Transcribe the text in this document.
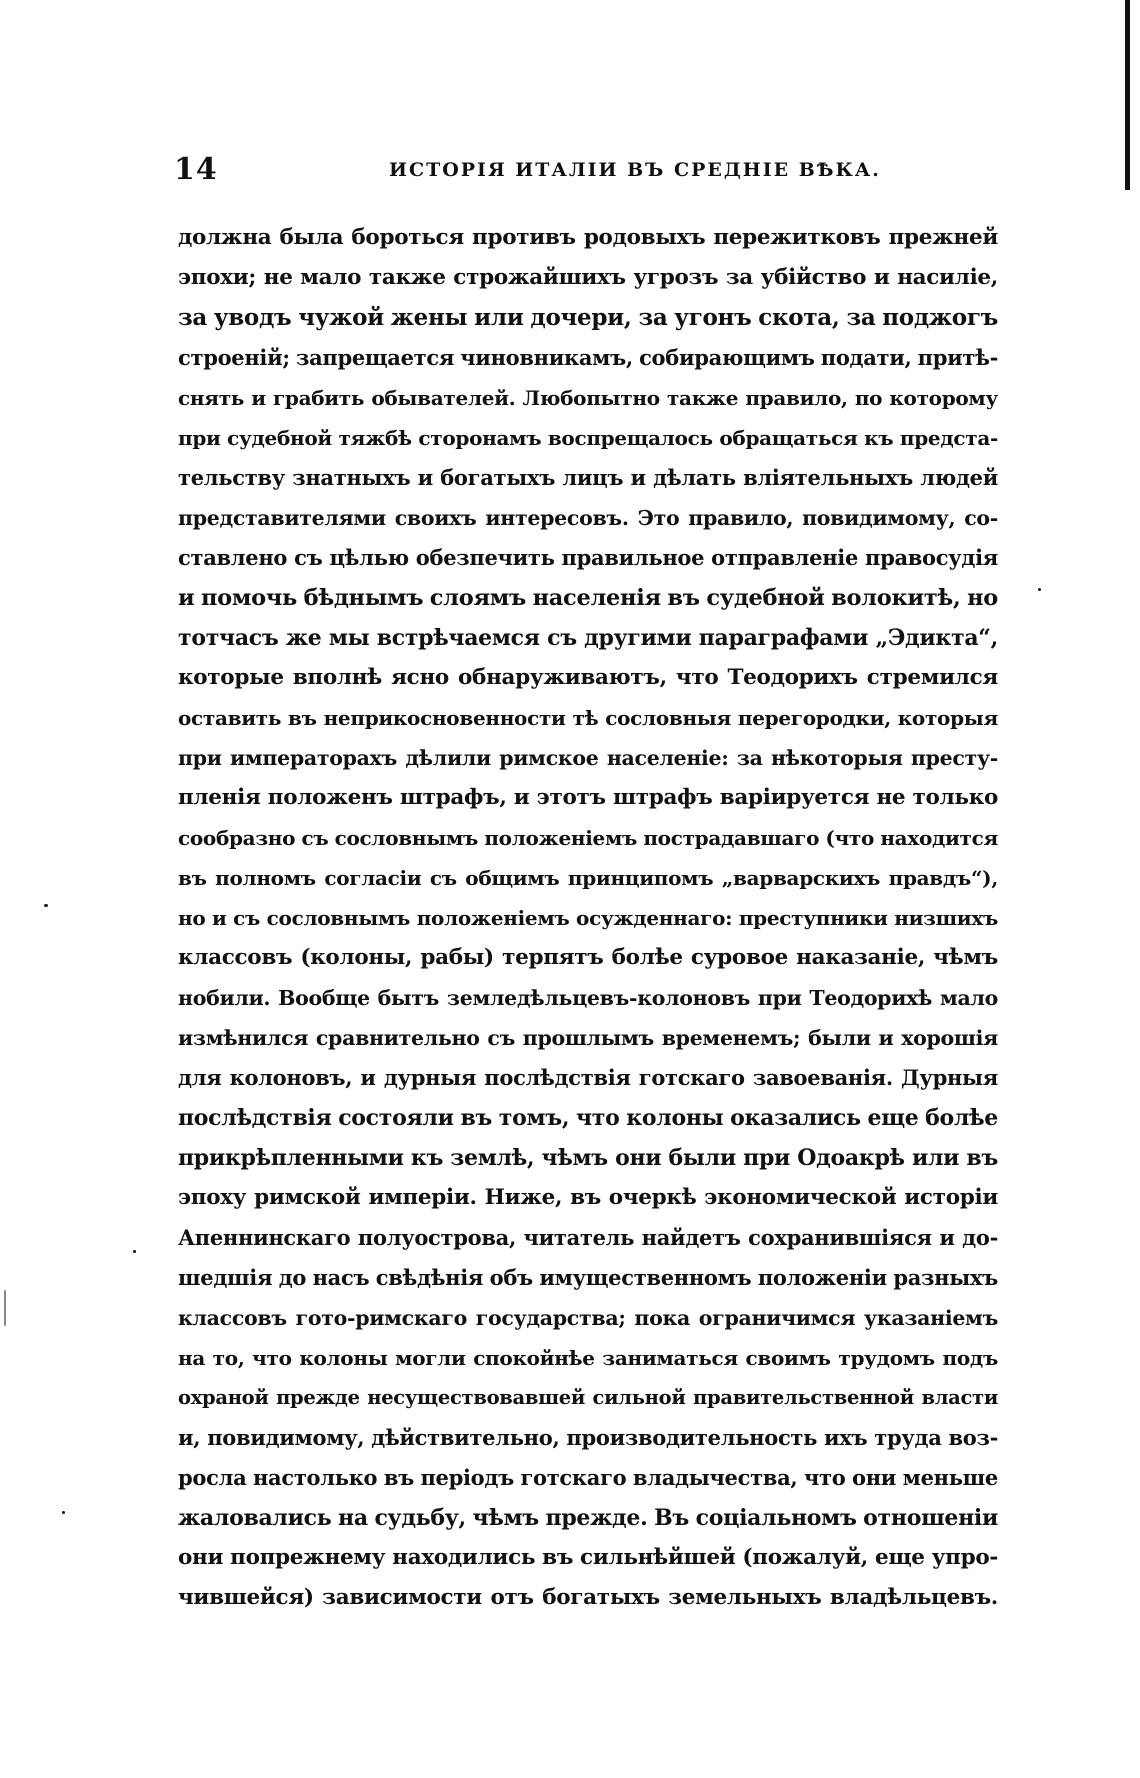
14	ИСТОРІЯ ИТАЛІИ ВЪ СРЕДНІЕ ВѢКА.
должна была бороться противъ родовыхъ пережитковъ прежней
эпохи; не мало также строжайшихъ угрозъ за убійство и насиліе,
за уводъ чужой жены или дочери, за угонъ скота, за поджогъ
строеній; запрещается чиновникамъ, собирающимъ подати, притѣ-
снять и грабить обывателей. Любопытно также правило, по которому
при судебной тяжбѣ сторонамъ воспрещалось обращаться къ предста-
тельству знатныхъ и богатыхъ лицъ и дѣлать вліятельныхъ людей
представителями своихъ интересовъ. Это правило, повидимому, со-
ставлено съ цѣлью обезпечить правильное отправленіе правосудія
и помочь бѣднымъ слоямъ населенія въ судебной волокитѣ, но
тотчасъ же мы встрѣчаемся съ другими параграфами „Эдикта“,
которые вполнѣ ясно обнаруживаютъ, что Теодорихъ стремился
оставить въ неприкосновенности тѣ сословныя перегородки, которыя
при императорахъ дѣлили римское населеніе: за нѣкоторыя престу-
пленія положенъ штрафъ, и этотъ штрафъ варіируется не только
сообразно съ сословнымъ положеніемъ пострадавшаго (что находится
въ полномъ согласіи съ общимъ принципомъ „варварскихъ правдъ“),
но и съ сословнымъ положеніемъ осужденнаго: преступники низшихъ
классовъ (колоны, рабы) терпятъ болѣе суровое наказаніе, чѣмъ
нобили. Вообще бытъ земледѣльцевъ-колоновъ при Теодорихѣ мало
измѣнился сравнительно съ прошлымъ временемъ; были и хорошія
для колоновъ, и дурныя послѣдствія готскаго завоеванія. Дурныя
послѣдствія состояли въ томъ, что колоны оказались еще болѣе
прикрѣпленными къ землѣ, чѣмъ они были при Одоакрѣ или въ
эпоху римской имперіи. Ниже, въ очеркѣ экономической исторіи
Апеннинскаго полуострова, читатель найдетъ сохранившіяся и до-
шедшія до насъ свѣдѣнія объ имущественномъ положеніи разныхъ
классовъ гото-римскаго государства; пока ограничимся указаніемъ
на то, что колоны могли спокойнѣе заниматься своимъ трудомъ подъ
охраной прежде несуществовавшей сильной правительственной власти
и, повидимому, дѣйствительно, производительность ихъ труда воз-
росла настолько въ періодъ готскаго владычества, что они меньше
жаловались на судьбу, чѣмъ прежде. Въ соціальномъ отношеніи
они попрежнему находились въ сильнѣйшей (пожалуй, еще упро-
чившейся) зависимости отъ богатыхъ земельныхъ владѣльцевъ.
